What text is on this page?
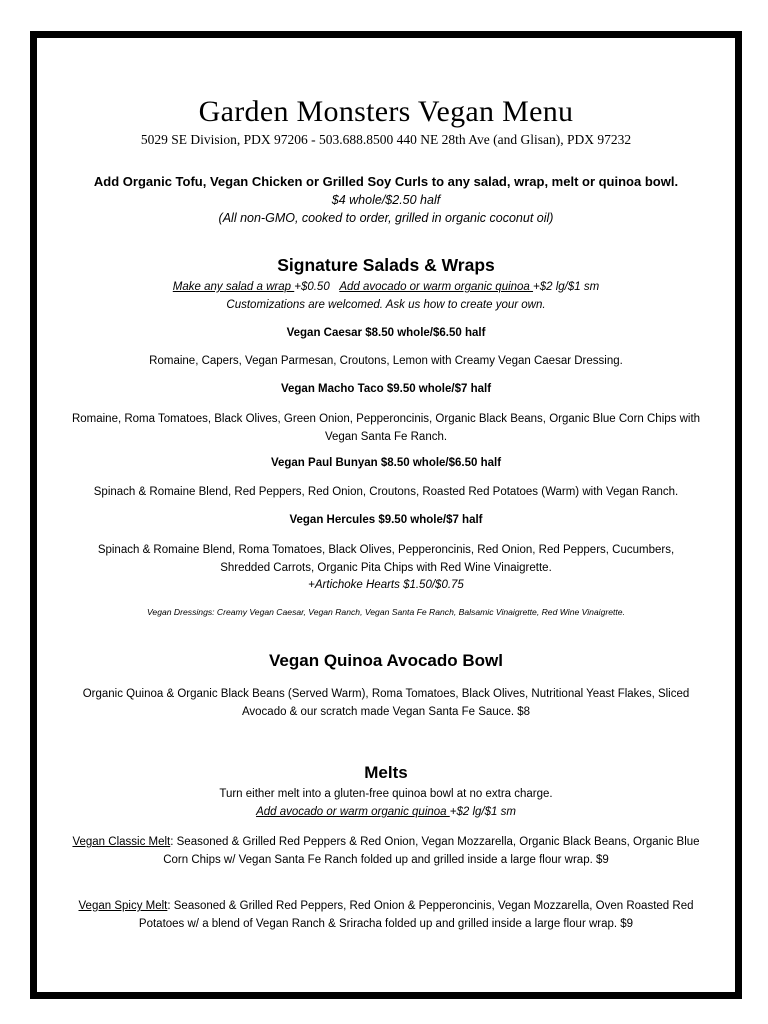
Garden Monsters Vegan Menu

5029 SE Division, PDX 97206 - 503.688.8500 440 NE 28th Ave (and Glisan), PDX 97232

Add Organic Tofu, Vegan Chicken or Grilled Soy Curls to any salad, wrap, melt or quinoa bowl.

$4 whole/$2.50 half

(All non-GMO, cooked to order, grilled in organic coconut oil)

Signature Salads & Wraps

Make any salad a wrap +$0.50 Add avocado or warm organic quinoa +$2 lg/$1 sm

Customizations are welcomed. Ask us how to create your own.

Vegan Caesar $8.50 whole/$6.50 half

Romaine, Capers, Vegan Parmesan, Croutons, Lemon with Creamy Vegan Caesar Dressing.

Vegan Macho Taco $9.50 whole/$7 half

Romaine, Roma Tomatoes, Black Olives, Green Onion, Pepperoncinis, Organic Black Beans, Organic Blue Corn Chips with Vegan Santa Fe Ranch.

Vegan Paul Bunyan $8.50 whole/$6.50 half

Spinach & Romaine Blend, Red Peppers, Red Onion, Croutons, Roasted Red Potatoes (Warm) with Vegan Ranch.

Vegan Hercules $9.50 whole/$7 half

Spinach & Romaine Blend, Roma Tomatoes, Black Olives, Pepperoncinis, Red Onion, Red Peppers, Cucumbers, Shredded Carrots, Organic Pita Chips with Red Wine Vinaigrette.

+Artichoke Hearts $1.50/$0.75

Vegan Dressings: Creamy Vegan Caesar, Vegan Ranch, Vegan Santa Fe Ranch, Balsamic Vinaigrette, Red Wine Vinaigrette.

Vegan Quinoa Avocado Bowl

Organic Quinoa & Organic Black Beans (Served Warm), Roma Tomatoes, Black Olives, Nutritional Yeast Flakes, Sliced Avocado & our scratch made Vegan Santa Fe Sauce. $8

Melts

Turn either melt into a gluten-free quinoa bowl at no extra charge.

Add avocado or warm organic quinoa +$2 lg/$1 sm

Vegan Classic Melt: Seasoned & Grilled Red Peppers & Red Onion, Vegan Mozzarella, Organic Black Beans, Organic Blue Corn Chips w/ Vegan Santa Fe Ranch folded up and grilled inside a large flour wrap. $9

Vegan Spicy Melt: Seasoned & Grilled Red Peppers, Red Onion & Pepperoncinis, Vegan Mozzarella, Oven Roasted Red Potatoes w/ a blend of Vegan Ranch & Sriracha folded up and grilled inside a large flour wrap. $9
